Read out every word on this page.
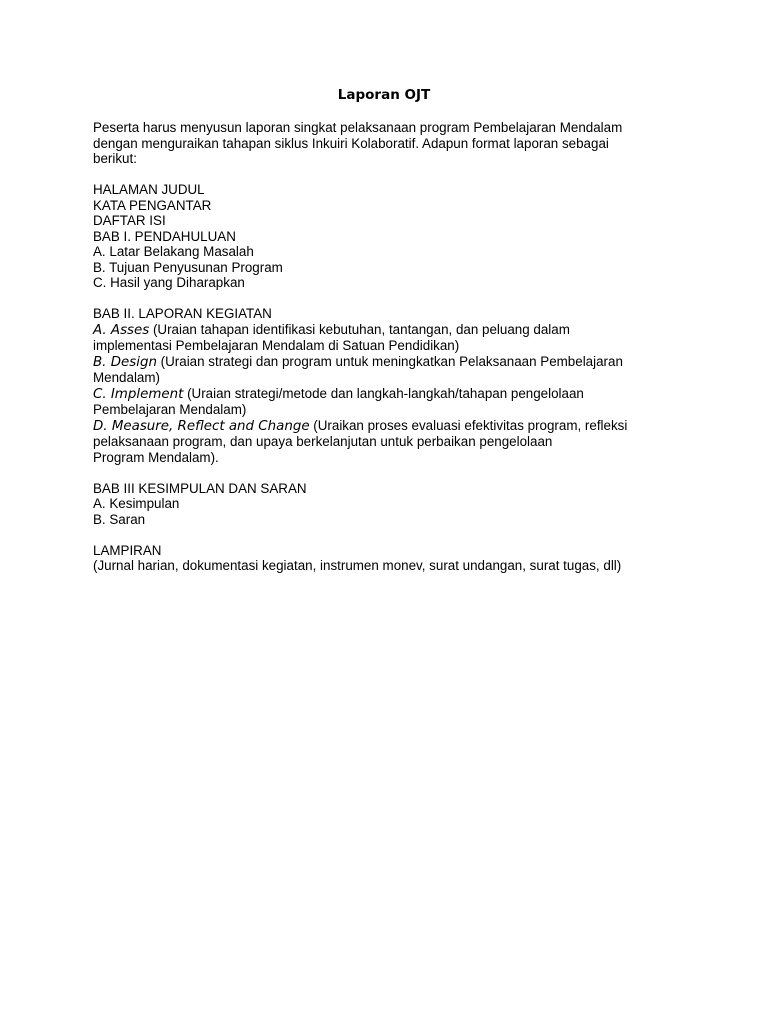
Laporan OJT
Peserta harus menyusun laporan singkat pelaksanaan program Pembelajaran Mendalam
dengan menguraikan tahapan siklus Inkuiri Kolaboratif. Adapun format laporan sebagai
berikut:
HALAMAN JUDUL
KATA PENGANTAR
DAFTAR ISI
BAB I. PENDAHULUAN
A. Latar Belakang Masalah
B. Tujuan Penyusunan Program
C. Hasil yang Diharapkan
BAB II. LAPORAN KEGIATAN
A. Asses (Uraian tahapan identifikasi kebutuhan, tantangan, dan peluang dalam
implementasi Pembelajaran Mendalam di Satuan Pendidikan)
B. Design (Uraian strategi dan program untuk meningkatkan Pelaksanaan Pembelajaran
Mendalam)
C. Implement (Uraian strategi/metode dan langkah-langkah/tahapan pengelolaan
Pembelajaran Mendalam)
D. Measure, Reflect and Change (Uraikan proses evaluasi efektivitas program, refleksi
pelaksanaan program, dan upaya berkelanjutan untuk perbaikan pengelolaan
Program Mendalam).
BAB III KESIMPULAN DAN SARAN
A. Kesimpulan
B. Saran
LAMPIRAN
(Jurnal harian, dokumentasi kegiatan, instrumen monev, surat undangan, surat tugas, dll)
